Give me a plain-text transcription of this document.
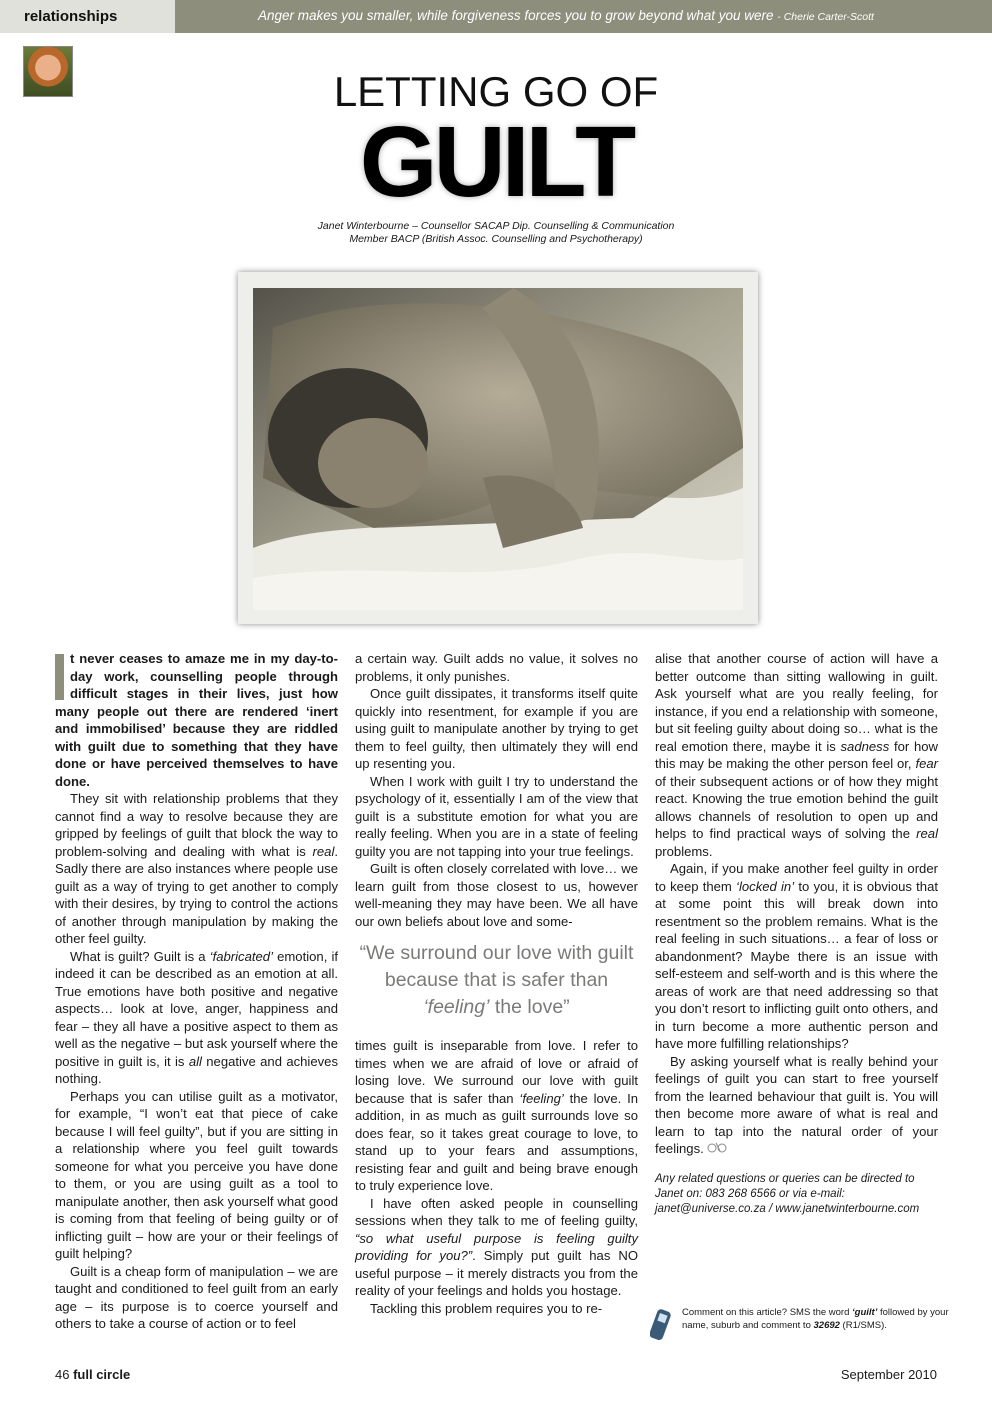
relationships	Anger makes you smaller, while forgiveness forces you to grow beyond what you were - Cherie Carter-Scott
LETTING GO OF
GUILT
Janet Winterbourne – Counsellor SACAP Dip. Counselling & Communication
Member BACP (British Assoc. Counselling and Psychotherapy)

t never ceases to amaze me in my day-to-day work, counselling people through difficult stages in their lives, just how many people out there are rendered ‘inert and immobilised’ because they are riddled with guilt due to something that they have done or have perceived themselves to have done.

They sit with relationship problems that they cannot find a way to resolve because they are gripped by feelings of guilt that block the way to problem-solving and dealing with what is real. Sadly there are also instances where people use guilt as a way of trying to get another to comply with their desires, by trying to control the actions of another through manipulation by making the other feel guilty.

What is guilt? Guilt is a ‘fabricated’ emotion, if indeed it can be described as an emotion at all. True emotions have both positive and negative aspects… look at love, anger, happiness and fear – they all have a positive aspect to them as well as the negative – but ask yourself where the positive in guilt is, it is all negative and achieves nothing.

Perhaps you can utilise guilt as a motivator, for example, “I won’t eat that piece of cake because I will feel guilty”, but if you are sitting in a relationship where you feel guilt towards someone for what you perceive you have done to them, or you are using guilt as a tool to manipulate another, then ask yourself what good is coming from that feeling of being guilty or of inflicting guilt – how are your or their feelings of guilt helping?

Guilt is a cheap form of manipulation – we are taught and conditioned to feel guilt from an early age – its purpose is to coerce yourself and others to take a course of action or to feel

a certain way. Guilt adds no value, it solves no problems, it only punishes.

Once guilt dissipates, it transforms itself quite quickly into resentment, for example if you are using guilt to manipulate another by trying to get them to feel guilty, then ultimately they will end up resenting you.

When I work with guilt I try to understand the psychology of it, essentially I am of the view that guilt is a substitute emotion for what you are really feeling. When you are in a state of feeling guilty you are not tapping into your true feelings.

Guilt is often closely correlated with love… we learn guilt from those closest to us, however well-meaning they may have been. We all have our own beliefs about love and some-

“We surround our love with guilt because that is safer than ‘feeling’ the love”

times guilt is inseparable from love. I refer to times when we are afraid of love or afraid of losing love. We surround our love with guilt because that is safer than ‘feeling’ the love. In addition, in as much as guilt surrounds love so does fear, so it takes great courage to love, to stand up to your fears and assumptions, resisting fear and guilt and being brave enough to truly experience love.

I have often asked people in counselling sessions when they talk to me of feeling guilty, “so what useful purpose is feeling guilty providing for you?”. Simply put guilt has NO useful purpose – it merely distracts you from the reality of your feelings and holds you hostage.

Tackling this problem requires you to re-

alise that another course of action will have a better outcome than sitting wallowing in guilt. Ask yourself what are you really feeling, for instance, if you end a relationship with someone, but sit feeling guilty about doing so… what is the real emotion there, maybe it is sadness for how this may be making the other person feel or, fear of their subsequent actions or of how they might react. Knowing the true emotion behind the guilt allows channels of resolution to open up and helps to find practical ways of solving the real problems.

Again, if you make another feel guilty in order to keep them ‘locked in’ to you, it is obvious that at some point this will break down into resentment so the problem remains. What is the real feeling in such situations… a fear of loss or abandonment? Maybe there is an issue with self-esteem and self-worth and is this where the areas of work are that need addressing so that you don’t resort to inflicting guilt onto others, and in turn become a more authentic person and have more fulfilling relationships?

By asking yourself what is really behind your feelings of guilt you can start to free yourself from the learned behaviour that guilt is. You will then become more aware of what is real and learn to tap into the natural order of your feelings.

Any related questions or queries can be directed to
Janet on: 083 268 6566 or via e-mail:
janet@universe.co.za / www.janetwinterbourne.com
Comment on this article? SMS the word ‘guilt’ followed by your name, suburb and comment to 32692 (R1/SMS).
46 full circle	September 2010
